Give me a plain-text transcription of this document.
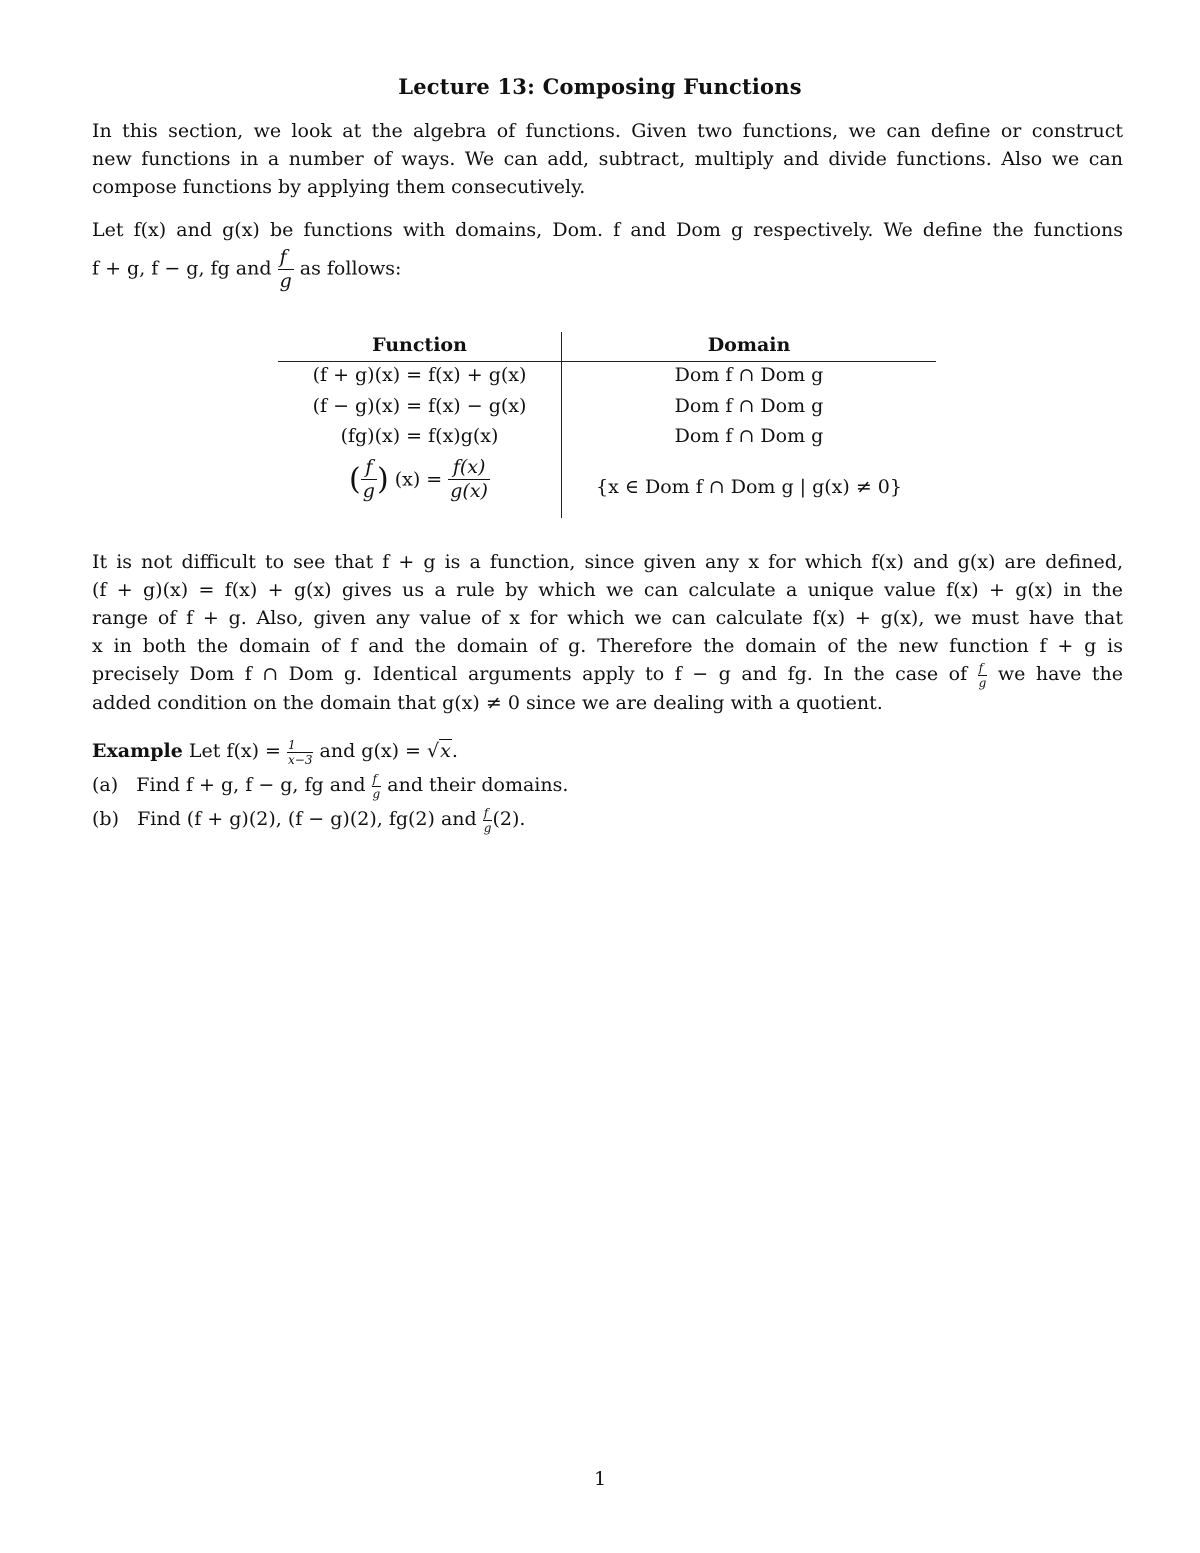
Lecture 13: Composing Functions
In this section, we look at the algebra of functions. Given two functions, we can define or construct
new functions in a number of ways. We can add, subtract, multiply and divide functions. Also we can
compose functions by applying them consecutively.
Let f(x) and g(x) be functions with domains, Dom. f and Dom g respectively. We define the functions
f + g, f − g, fg and $\frac{f}{g}$ as follows:
Function	Domain
(f + g)(x) = f(x) + g(x)	Dom f ∩ Dom g
(f − g)(x) = f(x) − g(x)	Dom f ∩ Dom g
(fg)(x) = f(x)g(x)	Dom f ∩ Dom g
( $\frac{f}{g}$ ) $(x) = \frac{f(x)}{g(x)}$	{x ∈ Dom f ∩ Dom g | g(x) ≠ 0}
It is not difficult to see that f + g is a function, since given any x for which f(x) and g(x) are defined,
(f + g)(x) = f(x) + g(x) gives us a rule by which we can calculate a unique value f(x) + g(x) in the
range of f + g. Also, given any value of x for which we can calculate f(x) + g(x), we must have that
x in both the domain of f and the domain of g. Therefore the domain of the new function f + g is
precisely Dom f ∩ Dom g. Identical arguments apply to f − g and fg. In the case of $\frac{f}{g}$ we have the
added condition on the domain that g(x) ≠ 0 since we are dealing with a quotient.
Example Let $f(x) = \frac{1}{x-3}$ and g(x) = √x.
(a)   Find f + g, f − g, fg and $\frac{f}{g}$ and their domains.
(b)   Find (f + g)(2), (f − g)(2), fg(2) and $\frac{f}{g} (2)$.
1
